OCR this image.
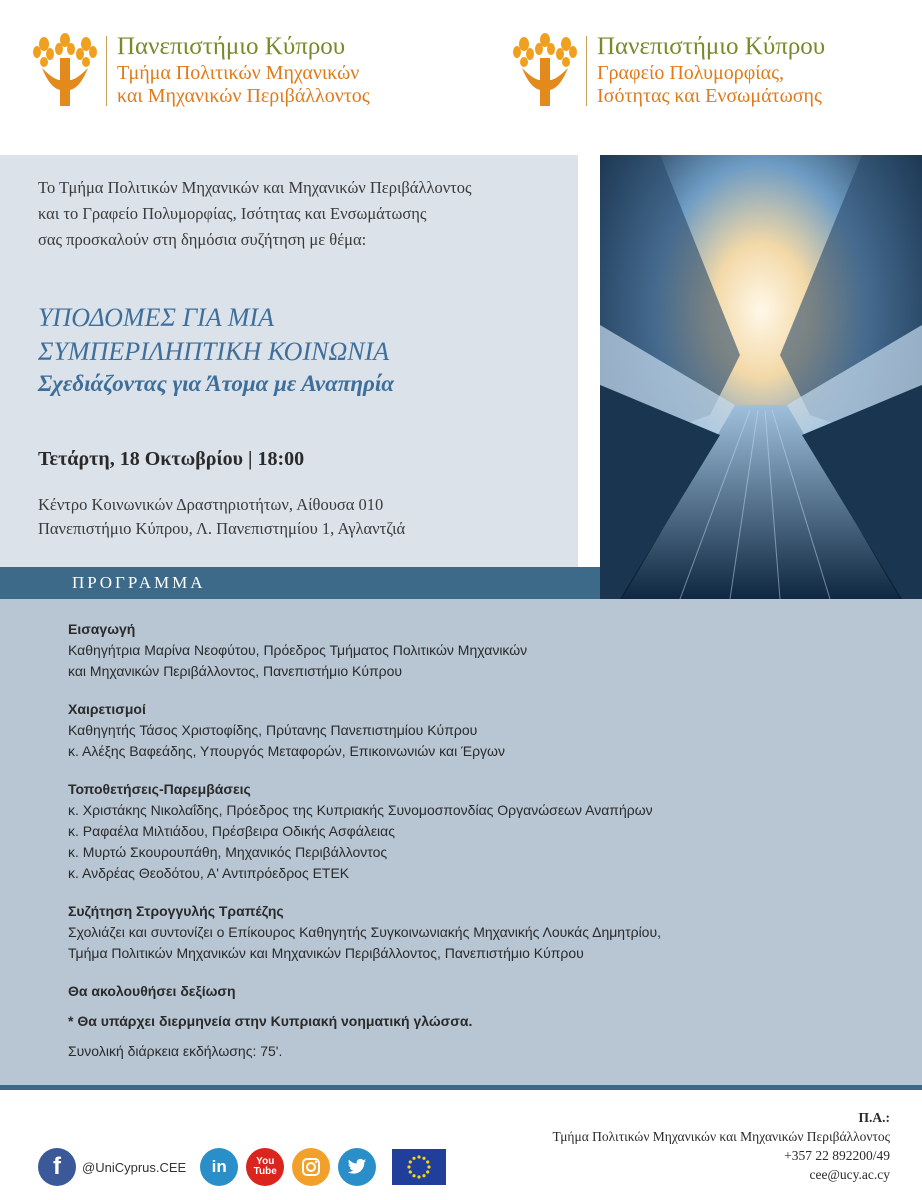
Πανεπιστήμιο Κύπρου
Τμήμα Πολιτικών Μηχανικών
και Μηχανικών Περιβάλλοντος
Πανεπιστήμιο Κύπρου
Γραφείο Πολυμορφίας,
Ισότητας και Ενσωμάτωσης
Το Τμήμα Πολιτικών Μηχανικών και Μηχανικών Περιβάλλοντος
και το Γραφείο Πολυμορφίας, Ισότητας και Ενσωμάτωσης
σας προσκαλούν στη δημόσια συζήτηση με θέμα:
ΥΠΟΔΟΜΕΣ ΓΙΑ ΜΙΑ
ΣΥΜΠΕΡΙΛΗΠΤΙΚΗ ΚΟΙΝΩΝΙΑ
Σχεδιάζοντας για Άτομα με Αναπηρία
Τετάρτη, 18 Οκτωβρίου | 18:00
Κέντρο Κοινωνικών Δραστηριοτήτων, Αίθουσα 010
Πανεπιστήμιο Κύπρου, Λ. Πανεπιστημίου 1, Αγλαντζιά
ΠΡΟΓΡΑΜΜΑ
Εισαγωγή
Καθηγήτρια Μαρίνα Νεοφύτου, Πρόεδρος Τμήματος Πολιτικών Μηχανικών
και Μηχανικών Περιβάλλοντος, Πανεπιστήμιο Κύπρου
Χαιρετισμοί
Καθηγητής Τάσος Χριστοφίδης, Πρύτανης Πανεπιστημίου Κύπρου
κ. Αλέξης Βαφεάδης, Υπουργός Μεταφορών, Επικοινωνιών και Έργων
Τοποθετήσεις-Παρεμβάσεις
κ. Χριστάκης Νικολαΐδης, Πρόεδρος της Κυπριακής Συνομοσπονδίας Οργανώσεων Αναπήρων
κ. Ραφαέλα Μιλτιάδου, Πρέσβειρα Οδικής Ασφάλειας
κ. Μυρτώ Σκουρουπάθη, Μηχανικός Περιβάλλοντος
κ. Ανδρέας Θεοδότου, Α' Αντιπρόεδρος ΕΤΕΚ
Συζήτηση Στρογγυλής Τραπέζης
Σχολιάζει και συντονίζει ο Επίκουρος Καθηγητής Συγκοινωνιακής Μηχανικής Λουκάς Δημητρίου,
Τμήμα Πολιτικών Μηχανικών και Μηχανικών Περιβάλλοντος, Πανεπιστήμιο Κύπρου
Θα ακολουθήσει δεξίωση
* Θα υπάρχει διερμηνεία στην Κυπριακή νοηματική γλώσσα.
Συνολική διάρκεια εκδήλωσης: 75'.
f @UniCyprus.CEE in	You
Tube
Π.Α.:
Τμήμα Πολιτικών Μηχανικών και Μηχανικών Περιβάλλοντος
+357 22 892200/49
cee@ucy.ac.cy
